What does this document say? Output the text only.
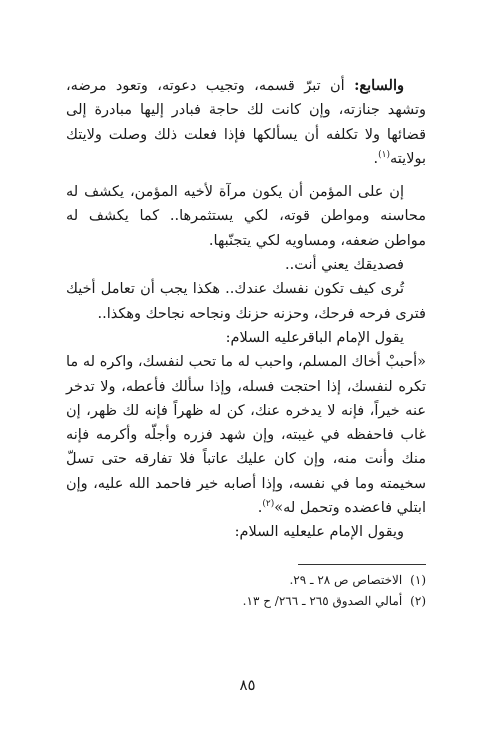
والسابع: أن تبرّ قسمه، وتجيب دعوته، وتعود مرضه، وتشهد جنازته، وإن كانت لك حاجة فبادر إليها مبادرة إلى قضائها ولا تكلفه أن يسألكها فإذا فعلت ذلك وصلت ولايتك بولايته$^{(١)}$.

إن على المؤمن أن يكون مرآة لأخيه المؤمن، يكشف له محاسنه ومواطن قوته، لكي يستثمرها.. كما يكشف له مواطن ضعفه، ومساويه لكي يتجنّبها.

فصديقك يعني أنت..

تُرى كيف تكون نفسك عندك.. هكذا يجب أن تعامل أخيك فترى فرحه فرحك، وحزنه حزنك ونجاحه نجاحك وهكذا..

يقول الإمام الباقرعليه السلام:

«أحببْ أخاك المسلم، واحبب له ما تحب لنفسك، واكره له ما تكره لنفسك، إذا احتجت فسله، وإذا سألك فأعطه، ولا تدخر عنه خيراً، فإنه لا يدخره عنك، كن له ظهراً فإنه لك ظهر، إن غاب فاحفظه في غيبته، وإن شهد فزره وأجلّه وأكرمه فإنه منك وأنت منه، وإن كان عليك عاتباً فلا تفارقه حتى تسلّ سخيمته وما في نفسه، وإذا أصابه خير فاحمد الله عليه، وإن ابتلي فاعضده وتحمل له»$^{(٢)}$.

ويقول الإمام عليعليه السلام:

(١)الاختصاص ص ٢٨ ـ ٢٩.
(٢)أمالي الصدوق ٢٦٥ ـ ٢٦٦/ ح ١٣.
٨٥
